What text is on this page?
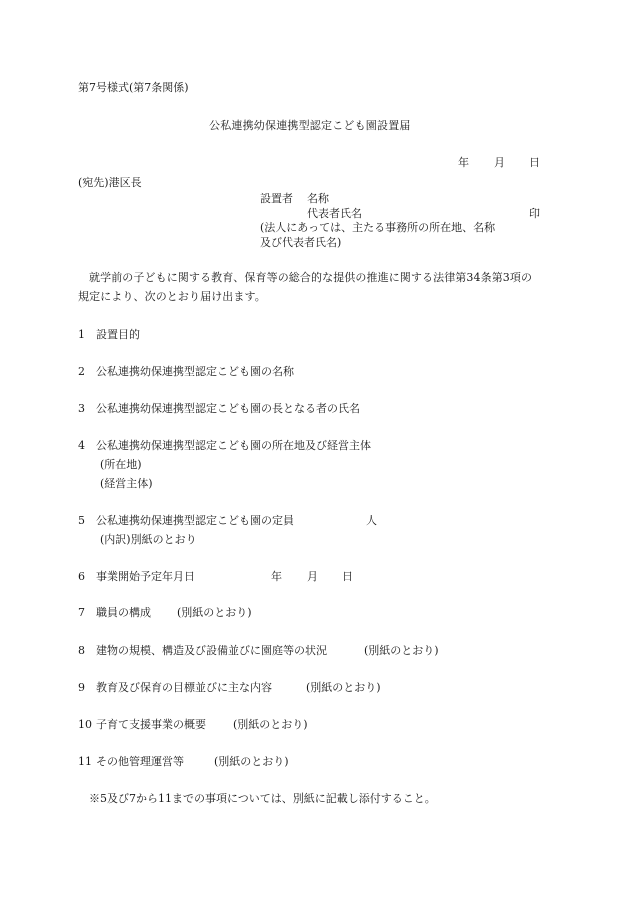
第7号様式(第7条関係)
公私連携幼保連携型認定こども園設置届
年 月 日
(宛先)港区長
設置者 名称
代表者氏名	印
(法人にあっては、主たる事務所の所在地、名称
及び代表者氏名)
就学前の子どもに関する教育、保育等の総合的な提供の推進に関する法律第34条第3項の
規定により、次のとおり届け出ます。
1 設置目的
2 公私連携幼保連携型認定こども園の名称
3 公私連携幼保連携型認定こども園の長となる者の氏名
4 公私連携幼保連携型認定こども園の所在地及び経営主体
(所在地)
(経営主体)
5 公私連携幼保連携型認定こども園の定員	人
(内訳)別紙のとおり
6 事業開始予定年月日	年 月 日
7 職員の構成 (別紙のとおり)
8 建物の規模、構造及び設備並びに園庭等の状況	(別紙のとおり)
9 教育及び保育の目標並びに主な内容	(別紙のとおり)
10 子育て支援事業の概要 (別紙のとおり)
11 その他管理運営等	(別紙のとおり)
※5及び7から11までの事項については、別紙に記載し添付すること。
